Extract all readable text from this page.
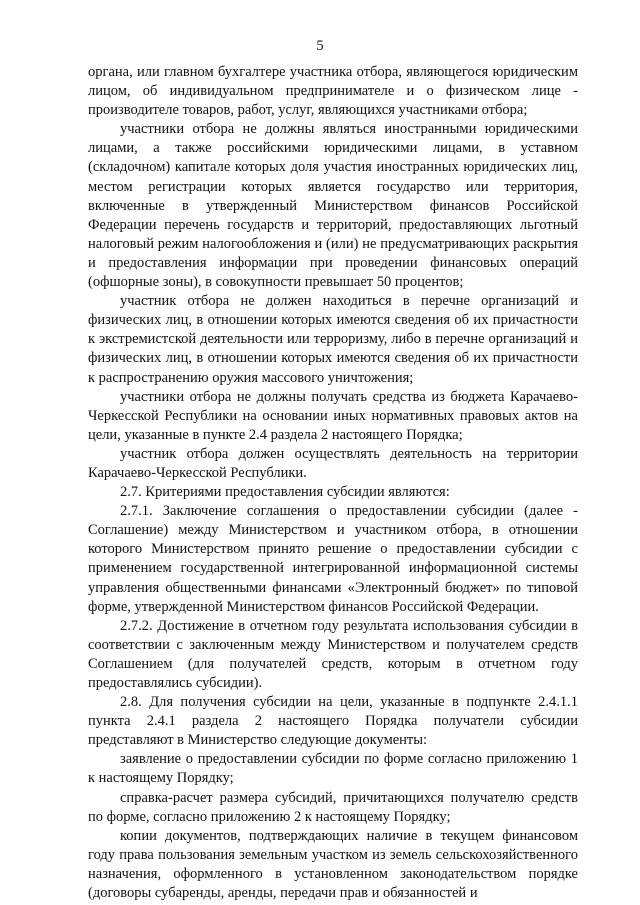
5

органа, или главном бухгалтере участника отбора, являющегося юридическим лицом, об индивидуальном предпринимателе и о физическом лице - производителе товаров, работ, услуг, являющихся участниками отбора;

участники отбора не должны являться иностранными юридическими лицами, а также российскими юридическими лицами, в уставном (складочном) капитале которых доля участия иностранных юридических лиц, местом регистрации которых является государство или территория, включенные в утвержденный Министерством финансов Российской Федерации перечень государств и территорий, предоставляющих льготный налоговый режим налогообложения и (или) не предусматривающих раскрытия и предоставления информации при проведении финансовых операций (офшорные зоны), в совокупности превышает 50 процентов;

участник отбора не должен находиться в перечне организаций и физических лиц, в отношении которых имеются сведения об их причастности к экстремистской деятельности или терроризму, либо в перечне организаций и физических лиц, в отношении которых имеются сведения об их причастности к распространению оружия массового уничтожения;

участники отбора не должны получать средства из бюджета Карачаево-Черкесской Республики на основании иных нормативных правовых актов на цели, указанные в пункте 2.4 раздела 2 настоящего Порядка;

участник отбора должен осуществлять деятельность на территории Карачаево-Черкесской Республики.

2.7. Критериями предоставления субсидии являются:

2.7.1. Заключение соглашения о предоставлении субсидии (далее - Соглашение) между Министерством и участником отбора, в отношении которого Министерством принято решение о предоставлении субсидии с применением государственной интегрированной информационной системы управления общественными финансами «Электронный бюджет» по типовой форме, утвержденной Министерством финансов Российской Федерации.

2.7.2. Достижение в отчетном году результата использования субсидии в соответствии с заключенным между Министерством и получателем средств Соглашением (для получателей средств, которым в отчетном году предоставлялись субсидии).

2.8. Для получения субсидии на цели, указанные в подпункте 2.4.1.1 пункта 2.4.1 раздела 2 настоящего Порядка получатели субсидии представляют в Министерство следующие документы:

заявление о предоставлении субсидии по форме согласно приложению 1 к настоящему Порядку;

справка-расчет размера субсидий, причитающихся получателю средств по форме, согласно приложению 2 к настоящему Порядку;

копии документов, подтверждающих наличие в текущем финансовом году права пользования земельным участком из земель сельскохозяйственного назначения, оформленного в установленном законодательством порядке (договоры субаренды, аренды, передачи прав и обязанностей и
